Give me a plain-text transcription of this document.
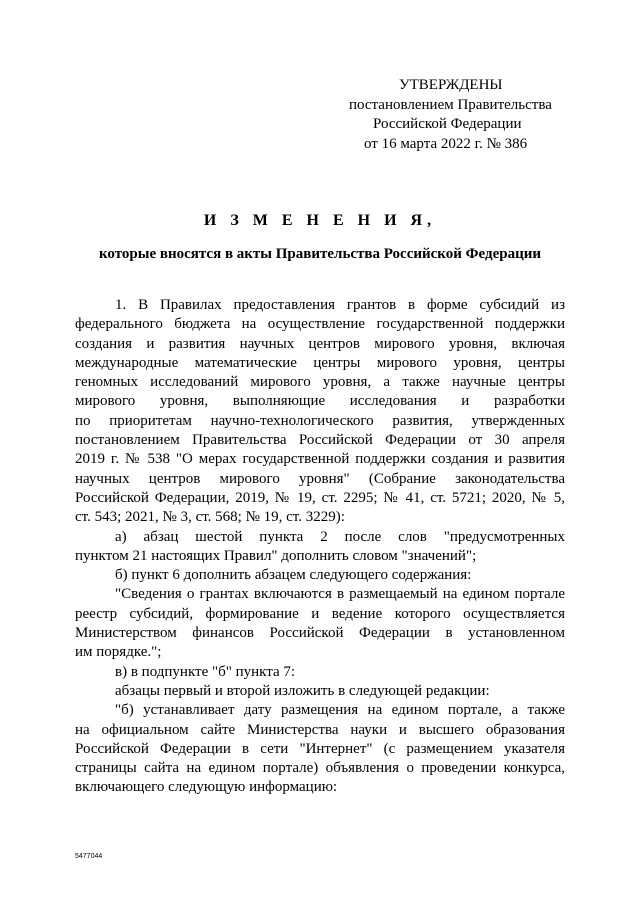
УТВЕРЖДЕНЫ
постановлением Правительства
Российской Федерации
от 16 марта 2022 г. № 386
И З М Е Н Е Н И Я,
которые вносятся в акты Правительства Российской Федерации
1. В Правилах предоставления грантов в форме субсидий из
федерального бюджета на осуществление государственной поддержки
создания и развития научных центров мирового уровня, включая
международные математические центры мирового уровня, центры
геномных исследований мирового уровня, а также научные центры
мирового уровня, выполняющие исследования и разработки
по приоритетам научно-технологического развития, утвержденных
постановлением Правительства Российской Федерации от 30 апреля
2019 г. № 538 "О мерах государственной поддержки создания и развития
научных центров мирового уровня" (Собрание законодательства
Российской Федерации, 2019, № 19, ст. 2295; № 41, ст. 5721; 2020, № 5,
ст. 543; 2021, № 3, ст. 568; № 19, ст. 3229):
а) абзац шестой пункта 2 после слов "предусмотренных
пунктом 21 настоящих Правил" дополнить словом "значений";
б) пункт 6 дополнить абзацем следующего содержания:
"Сведения о грантах включаются в размещаемый на едином портале
реестр субсидий, формирование и ведение которого осуществляется
Министерством финансов Российской Федерации в установленном
им порядке.";
в) в подпункте "б" пункта 7:
абзацы первый и второй изложить в следующей редакции:
"б) устанавливает дату размещения на едином портале, а также
на официальном сайте Министерства науки и высшего образования
Российской Федерации в сети "Интернет" (с размещением указателя
страницы сайта на едином портале) объявления о проведении конкурса,
включающего следующую информацию:
5477044
